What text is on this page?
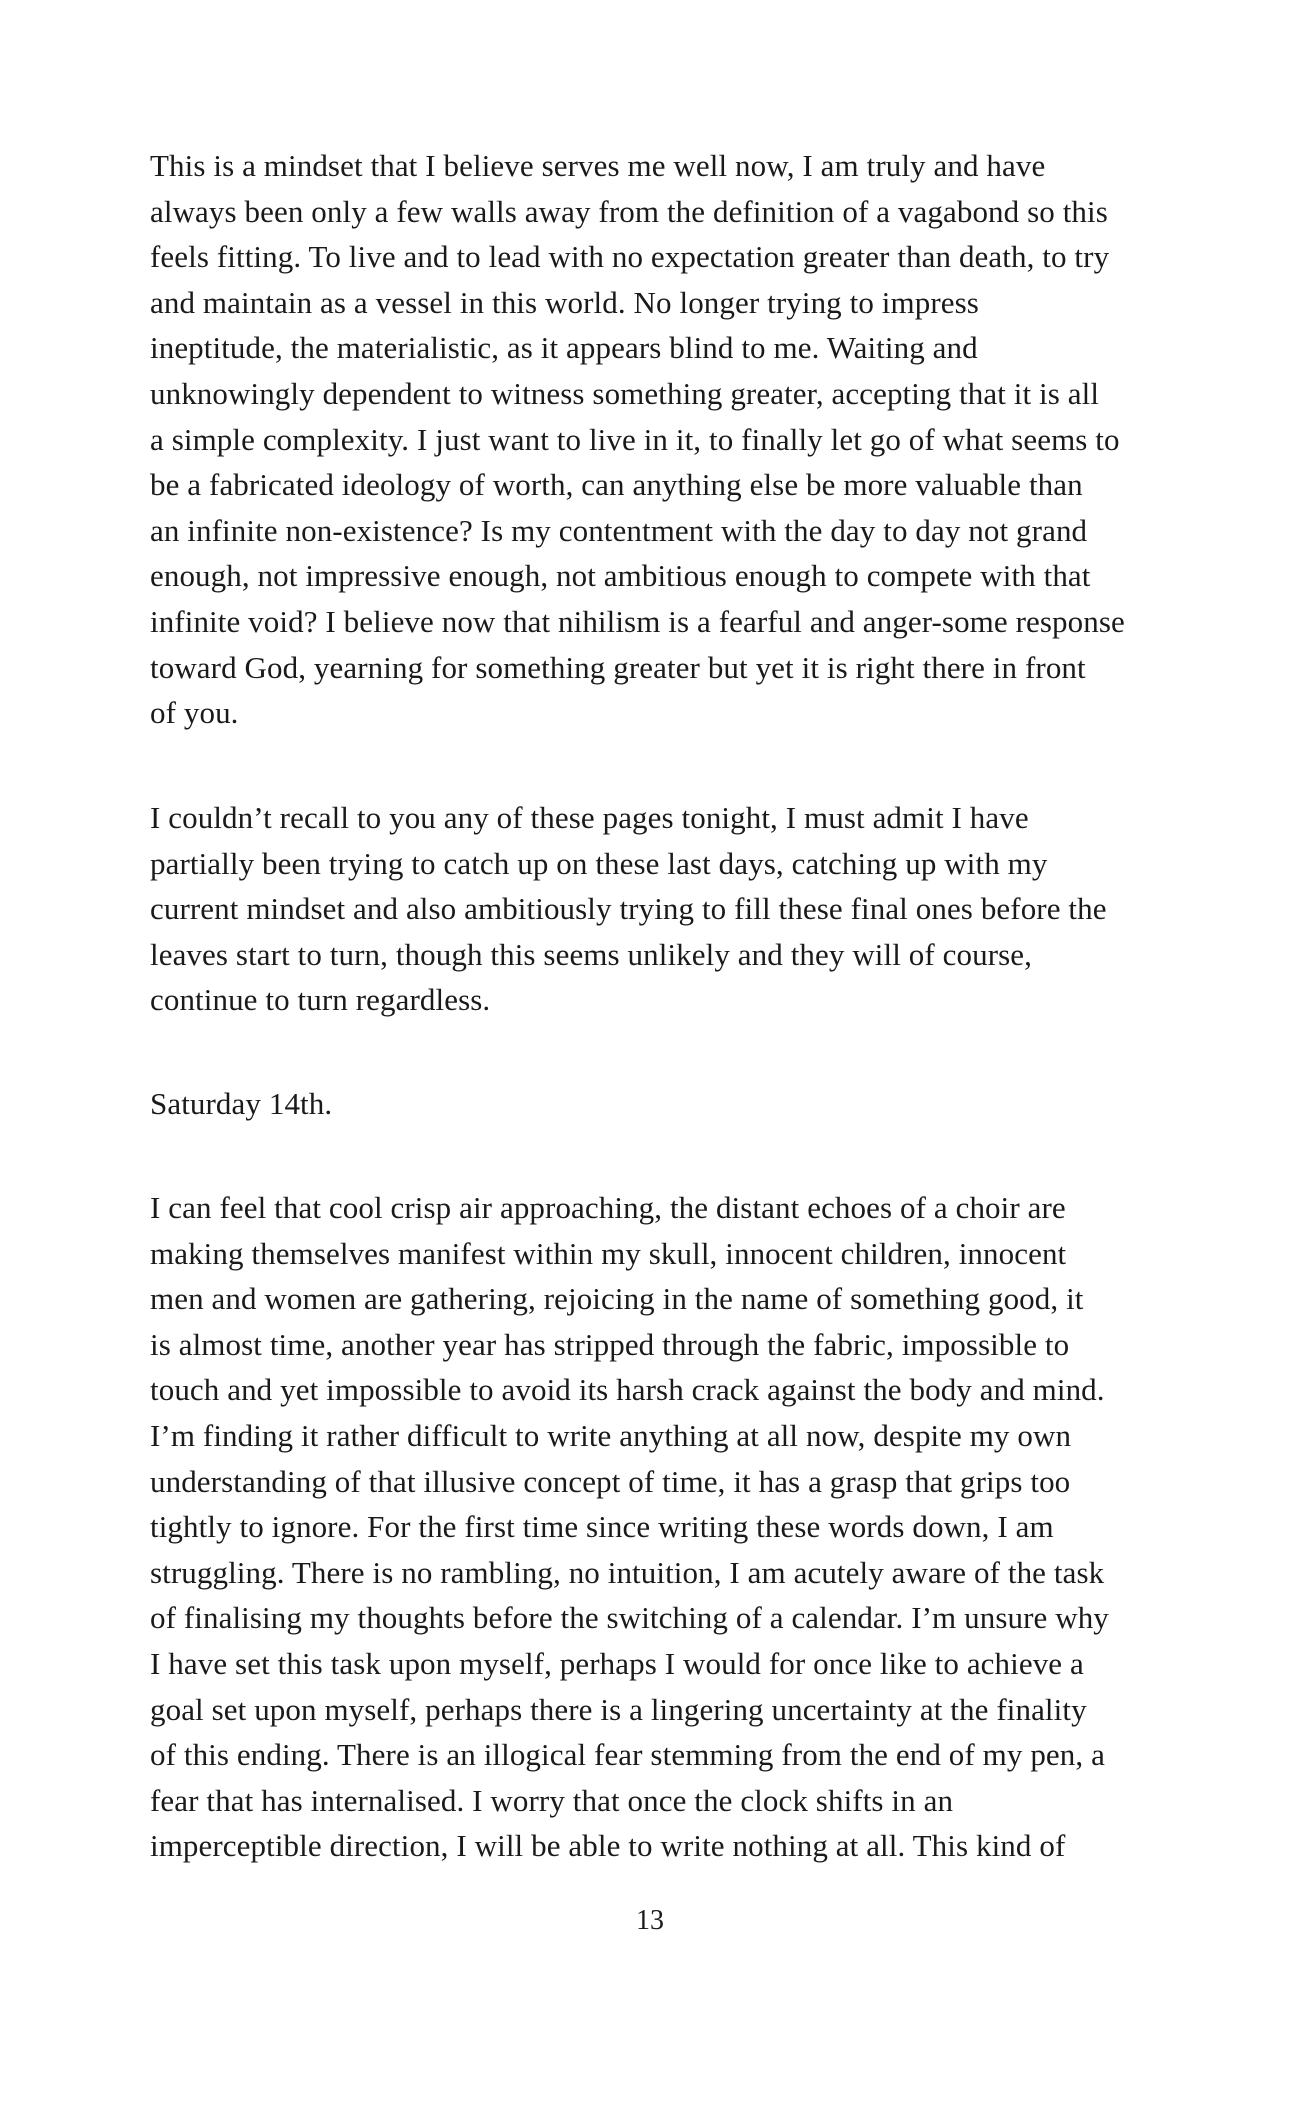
This is a mindset that I believe serves me well now, I am truly and have
always been only a few walls away from the definition of a vagabond so this
feels fitting. To live and to lead with no expectation greater than death, to try
and maintain as a vessel in this world. No longer trying to impress
ineptitude, the materialistic, as it appears blind to me. Waiting and
unknowingly dependent to witness something greater, accepting that it is all
a simple complexity. I just want to live in it, to finally let go of what seems to
be a fabricated ideology of worth, can anything else be more valuable than
an infinite non-existence? Is my contentment with the day to day not grand
enough, not impressive enough, not ambitious enough to compete with that
infinite void? I believe now that nihilism is a fearful and anger-some response
toward God, yearning for something greater but yet it is right there in front
of you.
I couldn’t recall to you any of these pages tonight, I must admit I have
partially been trying to catch up on these last days, catching up with my
current mindset and also ambitiously trying to fill these final ones before the
leaves start to turn, though this seems unlikely and they will of course,
continue to turn regardless.
Saturday 14th.
I can feel that cool crisp air approaching, the distant echoes of a choir are
making themselves manifest within my skull, innocent children, innocent
men and women are gathering, rejoicing in the name of something good, it
is almost time, another year has stripped through the fabric, impossible to
touch and yet impossible to avoid its harsh crack against the body and mind.
I’m finding it rather difficult to write anything at all now, despite my own
understanding of that illusive concept of time, it has a grasp that grips too
tightly to ignore. For the first time since writing these words down, I am
struggling. There is no rambling, no intuition, I am acutely aware of the task
of finalising my thoughts before the switching of a calendar. I’m unsure why
I have set this task upon myself, perhaps I would for once like to achieve a
goal set upon myself, perhaps there is a lingering uncertainty at the finality
of this ending. There is an illogical fear stemming from the end of my pen, a
fear that has internalised. I worry that once the clock shifts in an
imperceptible direction, I will be able to write nothing at all. This kind of
13
